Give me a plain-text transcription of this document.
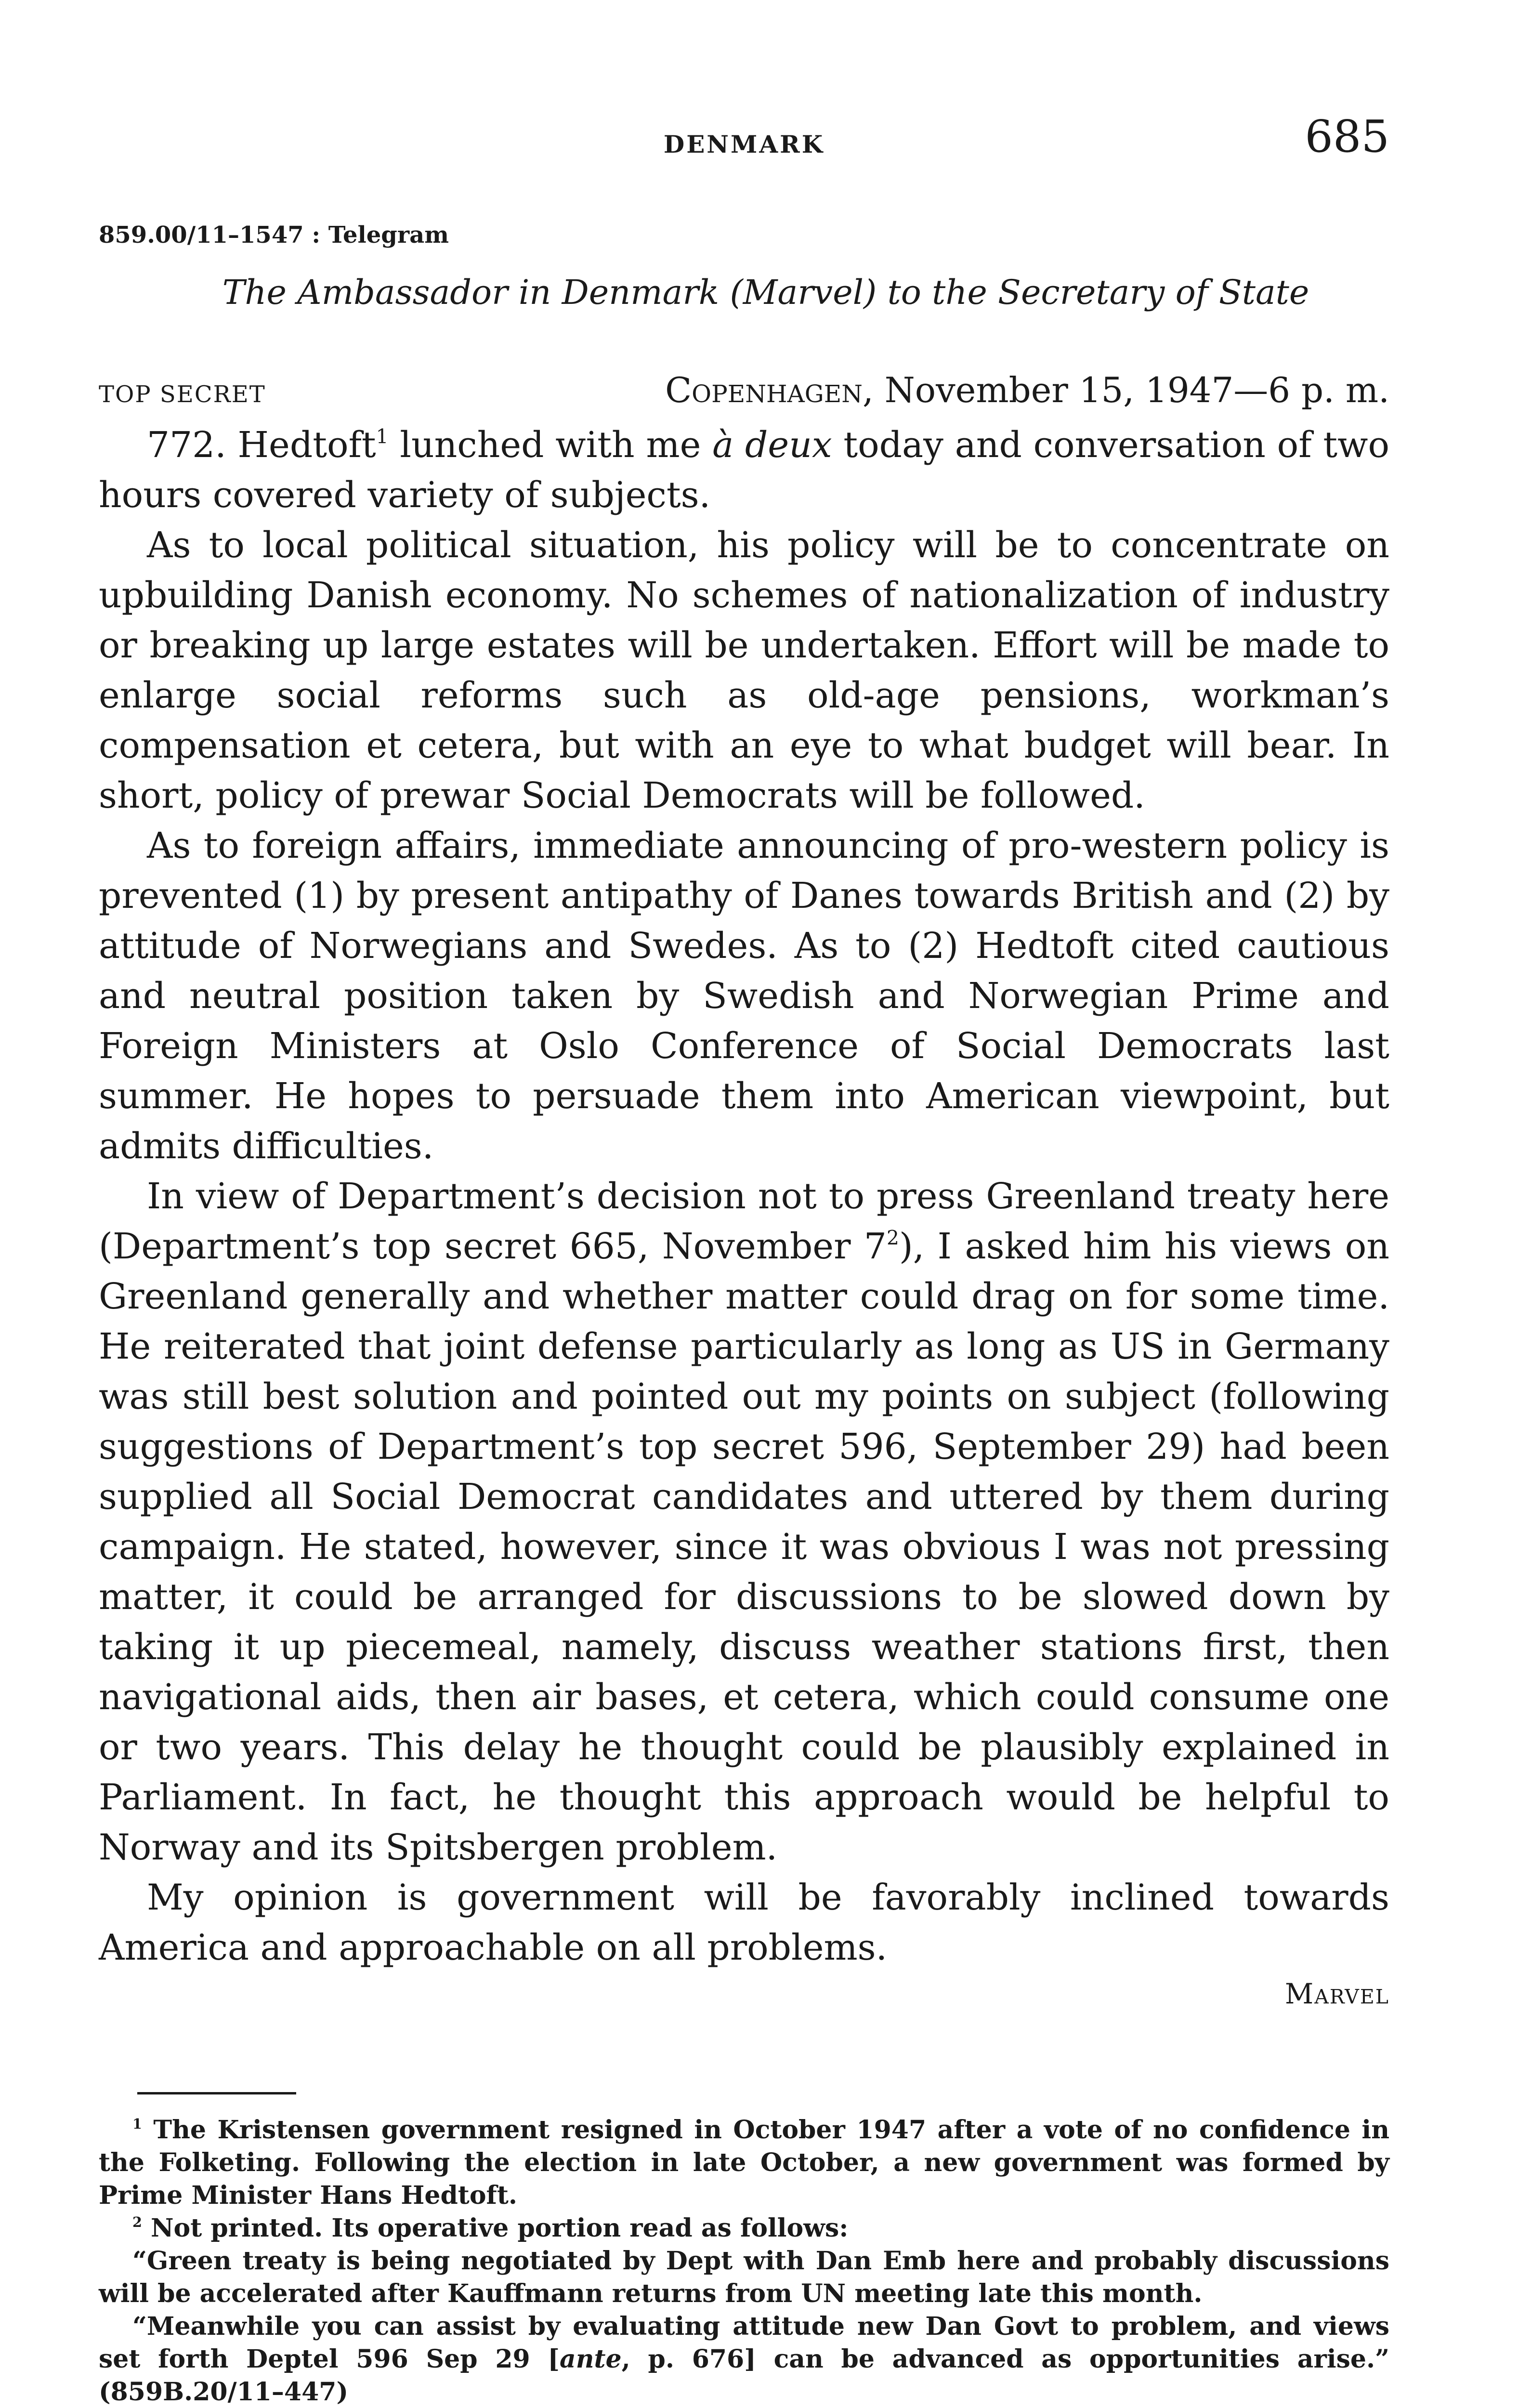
DENMARK	685
859.00/11–1547 : Telegram
The Ambassador in Denmark (Marvel) to the Secretary of State
TOP SECRET	Copenhagen, November 15, 1947—6 p. m.

772. Hedtoft$^1$ lunched with me à deux today and conversation of two hours covered variety of subjects.

As to local political situation, his policy will be to concentrate on upbuilding Danish economy. No schemes of nationalization of industry or breaking up large estates will be undertaken. Effort will be made to enlarge social reforms such as old-age pensions, workman’s compensation et cetera, but with an eye to what budget will bear. In short, policy of prewar Social Democrats will be followed.

As to foreign affairs, immediate announcing of pro-western policy is prevented (1) by present antipathy of Danes towards British and (2) by attitude of Norwegians and Swedes. As to (2) Hedtoft cited cautious and neutral position taken by Swedish and Norwegian Prime and Foreign Ministers at Oslo Conference of Social Democrats last summer. He hopes to persuade them into American viewpoint, but admits difficulties.

In view of Department’s decision not to press Greenland treaty here (Department’s top secret 665, November $7^2$), I asked him his views on Greenland generally and whether matter could drag on for some time. He reiterated that joint defense particularly as long as US in Germany was still best solution and pointed out my points on subject (following suggestions of Department’s top secret 596, September 29) had been supplied all Social Democrat candidates and uttered by them during campaign. He stated, however, since it was obvious I was not pressing matter, it could be arranged for discussions to be slowed down by taking it up piecemeal, namely, discuss weather stations first, then navigational aids, then air bases, et cetera, which could consume one or two years. This delay he thought could be plausibly explained in Parliament. In fact, he thought this approach would be helpful to Norway and its Spitsbergen problem.

My opinion is government will be favorably inclined towards America and approachable on all problems.

Marvel

$^1$ The Kristensen government resigned in October 1947 after a vote of no confidence in the Folketing. Following the election in late October, a new government was formed by Prime Minister Hans Hedtoft.

$^2$ Not printed. Its operative portion read as follows:

“Green treaty is being negotiated by Dept with Dan Emb here and probably discussions will be accelerated after Kauffmann returns from UN meeting late this month.

“Meanwhile you can assist by evaluating attitude new Dan Govt to problem, and views set forth Deptel 596 Sep 29 [ante, p. 676] can be advanced as opportunities arise.” (859B.20/11–447)
